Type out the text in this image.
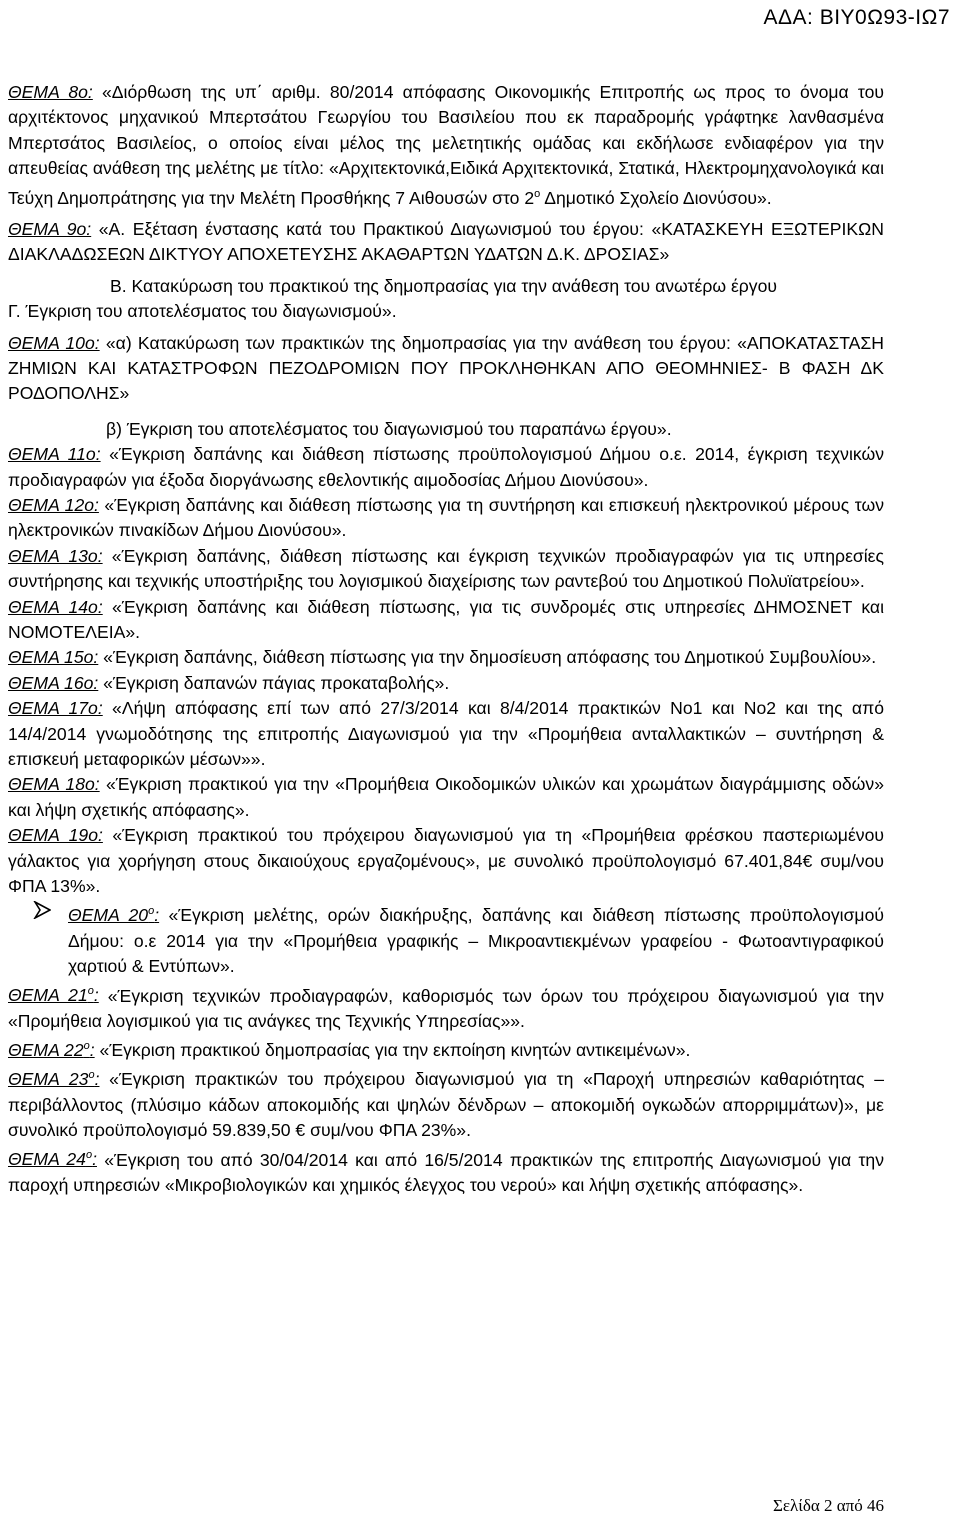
ΑΔΑ: ΒΙΥ0Ω93-ΙΩ7

ΘΕΜΑ 8ο: «Διόρθωση της υπ΄ αριθμ. 80/2014 απόφασης Οικονομικής Επιτροπής ως προς το όνομα του αρχιτέκτονος μηχανικού Μπερτσάτου Γεωργίου του Βασιλείου που εκ παραδρομής γράφτηκε λανθασμένα Μπερτσάτος Βασιλείος, ο οποίος είναι μέλος της μελετητικής ομάδας και εκδήλωσε ενδιαφέρον για την απευθείας ανάθεση της μελέτης με τίτλο: «Αρχιτεκτονικά,Ειδικά Αρχιτεκτονικά, Στατικά, Ηλεκτρομηχανολογικά και Τεύχη Δημοπράτησης για την Μελέτη Προσθήκης 7 Αιθουσών στο $2^o$ Δημοτικό Σχολείο Διονύσου».

ΘΕΜΑ 9ο: «Α. Εξέταση ένστασης κατά του Πρακτικού Διαγωνισμού του έργου: «ΚΑΤΑΣΚΕΥΗ ΕΞΩΤΕΡΙΚΩΝ ΔΙΑΚΛΑΔΩΣΕΩΝ ΔΙΚΤΥΟΥ ΑΠΟΧΕΤΕΥΣΗΣ ΑΚΑΘΑΡΤΩΝ ΥΔΑΤΩΝ Δ.Κ. ΔΡΟΣΙΑΣ»

Β. Κατακύρωση του πρακτικού της δημοπρασίας για την ανάθεση του ανωτέρω έργου

Γ. Έγκριση του αποτελέσματος του διαγωνισμού».

ΘΕΜΑ 10ο: «α) Κατακύρωση των πρακτικών της δημοπρασίας για την ανάθεση του έργου: «ΑΠΟΚΑΤΑΣΤΑΣΗ ΖΗΜΙΩΝ ΚΑΙ ΚΑΤΑΣΤΡΟΦΩΝ ΠΕΖΟΔΡΟΜΙΩΝ ΠΟΥ ΠΡΟΚΛΗΘΗΚΑΝ ΑΠΟ ΘΕΟΜΗΝΙΕΣ- Β ΦΑΣΗ ΔΚ ΡΟΔΟΠΟΛΗΣ»

β) Έγκριση του αποτελέσματος του διαγωνισμού του παραπάνω έργου».

ΘΕΜΑ 11ο: «Έγκριση δαπάνης και διάθεση πίστωσης προϋπολογισμού Δήμου ο.ε. 2014, έγκριση τεχνικών προδιαγραφών για έξοδα διοργάνωσης εθελοντικής αιμοδοσίας Δήμου Διονύσου».

ΘΕΜΑ 12ο: «Έγκριση δαπάνης και διάθεση πίστωσης για τη συντήρηση και επισκευή ηλεκτρονικού μέρους των ηλεκτρονικών πινακίδων Δήμου Διονύσου».

ΘΕΜΑ 13ο: «Έγκριση δαπάνης, διάθεση πίστωσης και έγκριση τεχνικών προδιαγραφών για τις υπηρεσίες συντήρησης και τεχνικής υποστήριξης του λογισμικού διαχείρισης των ραντεβού του Δημοτικού Πολυϊατρείου».

ΘΕΜΑ 14ο: «Έγκριση δαπάνης και διάθεση πίστωσης, για τις συνδρομές στις υπηρεσίες ΔΗΜΟΣΝΕΤ και ΝΟΜΟΤΕΛΕΙΑ».

ΘΕΜΑ 15ο: «Έγκριση δαπάνης, διάθεση πίστωσης για την δημοσίευση απόφασης του Δημοτικού Συμβουλίου».

ΘΕΜΑ 16ο: «Έγκριση δαπανών πάγιας προκαταβολής».

ΘΕΜΑ 17ο: «Λήψη απόφασης επί των από 27/3/2014 και 8/4/2014 πρακτικών Νο1 και Νο2 και της από 14/4/2014 γνωμοδότησης της επιτροπής Διαγωνισμού για την «Προμήθεια ανταλλακτικών – συντήρηση & επισκευή μεταφορικών μέσων»».

ΘΕΜΑ 18ο: «Έγκριση πρακτικού για την «Προμήθεια Οικοδομικών υλικών και χρωμάτων διαγράμμισης οδών» και λήψη σχετικής απόφασης».

ΘΕΜΑ 19ο: «Έγκριση πρακτικού του πρόχειρου διαγωνισμού για τη «Προμήθεια φρέσκου παστεριωμένου γάλακτος για χορήγηση στους δικαιούχους εργαζομένους», με συνολικό προϋπολογισμό 67.401,84€ συμ/νου ΦΠΑ 13%».

ΘΕΜΑ $20^o$: «Έγκριση μελέτης, ορών διακήρυξης, δαπάνης και διάθεση πίστωσης προϋπολογισμού Δήμου: ο.ε 2014 για την «Προμήθεια γραφικής – Μικροαντιεκμένων γραφείου - Φωτοαντιγραφικού χαρτιού & Εντύπων».

ΘΕΜΑ $21^o$: «Έγκριση τεχνικών προδιαγραφών, καθορισμός των όρων του πρόχειρου διαγωνισμού για την «Προμήθεια λογισμικού για τις ανάγκες της Τεχνικής Υπηρεσίας»».

ΘΕΜΑ $22^o$: «Έγκριση πρακτικού δημοπρασίας για την εκποίηση κινητών αντικειμένων».

ΘΕΜΑ $23^o$: «Έγκριση πρακτικών του πρόχειρου διαγωνισμού για τη «Παροχή υπηρεσιών καθαριότητας – περιβάλλοντος (πλύσιμο κάδων αποκομιδής και ψηλών δένδρων – αποκομιδή ογκωδών απορριμμάτων)», με συνολικό προϋπολογισμό 59.839,50 € συμ/νου ΦΠΑ 23%».

ΘΕΜΑ $24^o$: «Έγκριση του από 30/04/2014 και από 16/5/2014 πρακτικών της επιτροπής Διαγωνισμού για την παροχή υπηρεσιών «Μικροβιολογικών και χημικός έλεγχος του νερού» και λήψη σχετικής απόφασης».

Σελίδα 2 από 46
